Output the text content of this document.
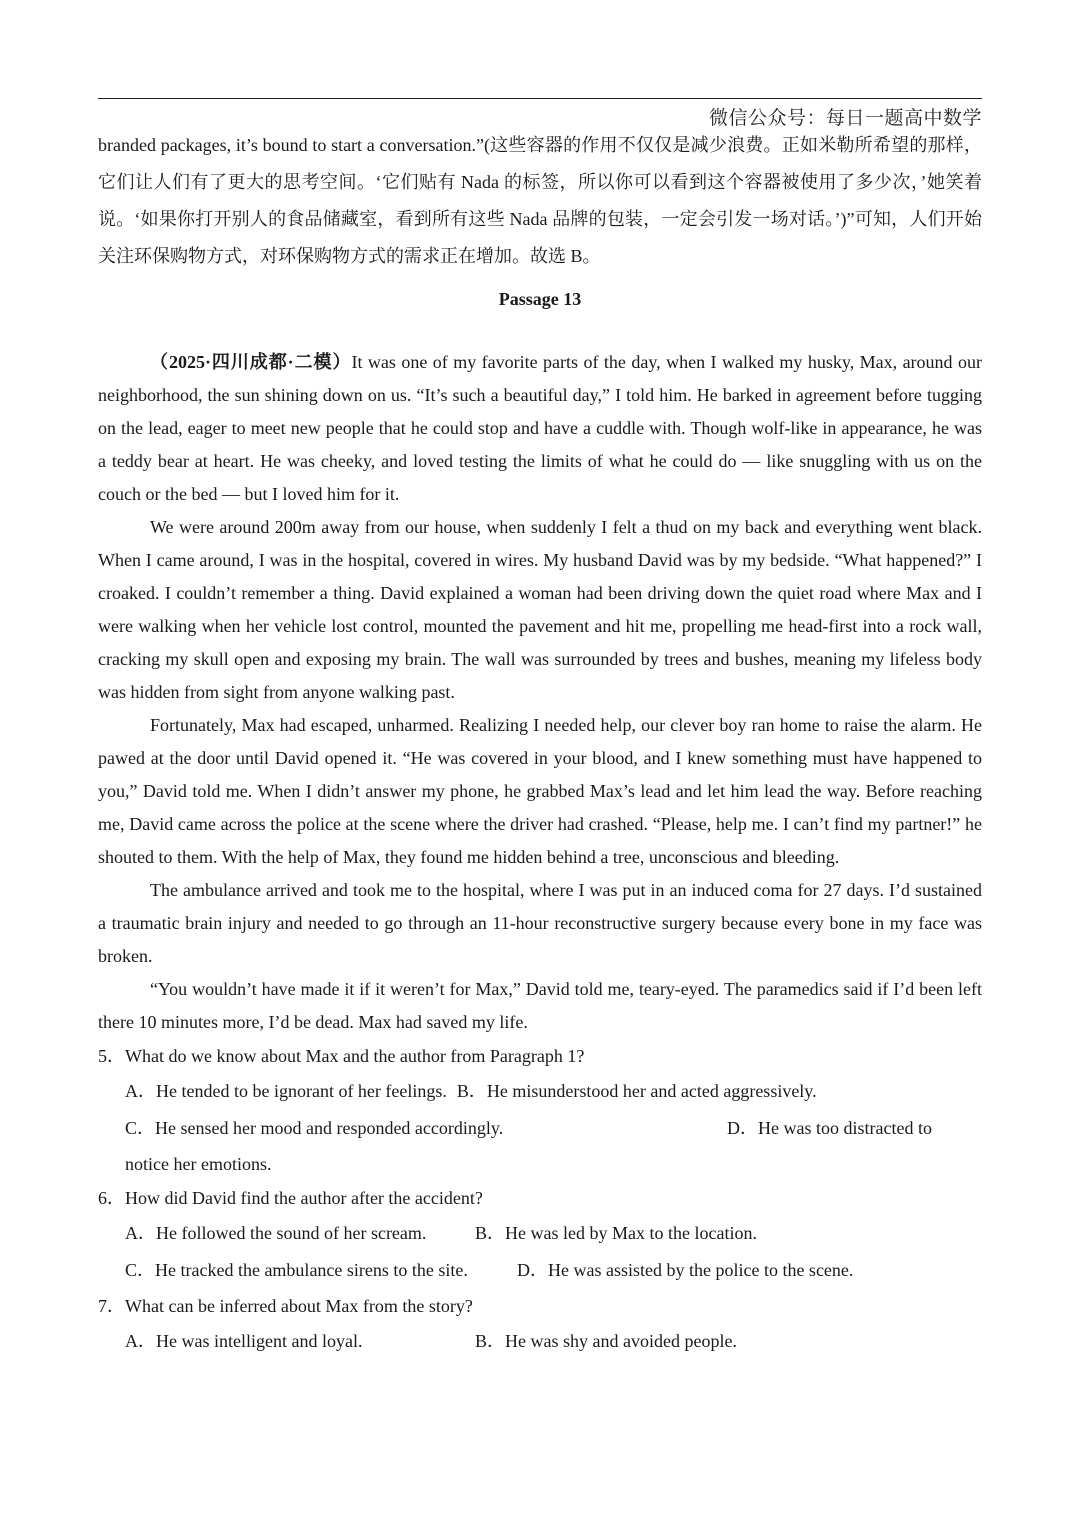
微信公众号：每日一题高中数学

branded packages, it’s bound to start a conversation.”(这些容器的作用不仅仅是减少浪费。正如米勒所希望的那样，它们让人们有了更大的思考空间。‘它们贴有 Nada 的标签，所以你可以看到这个容器被使用了多少次，’她笑着说。‘如果你打开别人的食品储藏室，看到所有这些 Nada 品牌的包装，一定会引发一场对话。’)”可知，人们开始关注环保购物方式，对环保购物方式的需求正在增加。故选 B。

Passage 13

（2025·四川成都·二模）It was one of my favorite parts of the day, when I walked my husky, Max, around our neighborhood, the sun shining down on us. “It’s such a beautiful day,” I told him. He barked in agreement before tugging on the lead, eager to meet new people that he could stop and have a cuddle with. Though wolf-like in appearance, he was a teddy bear at heart. He was cheeky, and loved testing the limits of what he could do — like snuggling with us on the couch or the bed — but I loved him for it.

We were around 200m away from our house, when suddenly I felt a thud on my back and everything went black. When I came around, I was in the hospital, covered in wires. My husband David was by my bedside. “What happened?” I croaked. I couldn’t remember a thing. David explained a woman had been driving down the quiet road where Max and I were walking when her vehicle lost control, mounted the pavement and hit me, propelling me head-first into a rock wall, cracking my skull open and exposing my brain. The wall was surrounded by trees and bushes, meaning my lifeless body was hidden from sight from anyone walking past.

Fortunately, Max had escaped, unharmed. Realizing I needed help, our clever boy ran home to raise the alarm. He pawed at the door until David opened it. “He was covered in your blood, and I knew something must have happened to you,” David told me. When I didn’t answer my phone, he grabbed Max’s lead and let him lead the way. Before reaching me, David came across the police at the scene where the driver had crashed. “Please, help me. I can’t find my partner!” he shouted to them. With the help of Max, they found me hidden behind a tree, unconscious and bleeding.

The ambulance arrived and took me to the hospital, where I was put in an induced coma for 27 days. I’d sustained a traumatic brain injury and needed to go through an 11-hour reconstructive surgery because every bone in my face was broken.

“You wouldn’t have made it if it weren’t for Max,” David told me, teary-eyed. The paramedics said if I’d been left there 10 minutes more, I’d be dead. Max had saved my life.

5．What do we know about Max and the author from Paragraph 1?

A．He tended to be ignorant of her feelings. B．He misunderstood her and acted aggressively.
C．He sensed her mood and responded accordingly.	D．He was too distracted to
notice her emotions.

6．How did David find the author after the accident?

A．He followed the sound of her scream.	B．He was led by Max to the location.
C．He tracked the ambulance sirens to the site.	D．He was assisted by the police to the scene.

7．What can be inferred about Max from the story?

A．He was intelligent and loyal.	B．He was shy and avoided people.
